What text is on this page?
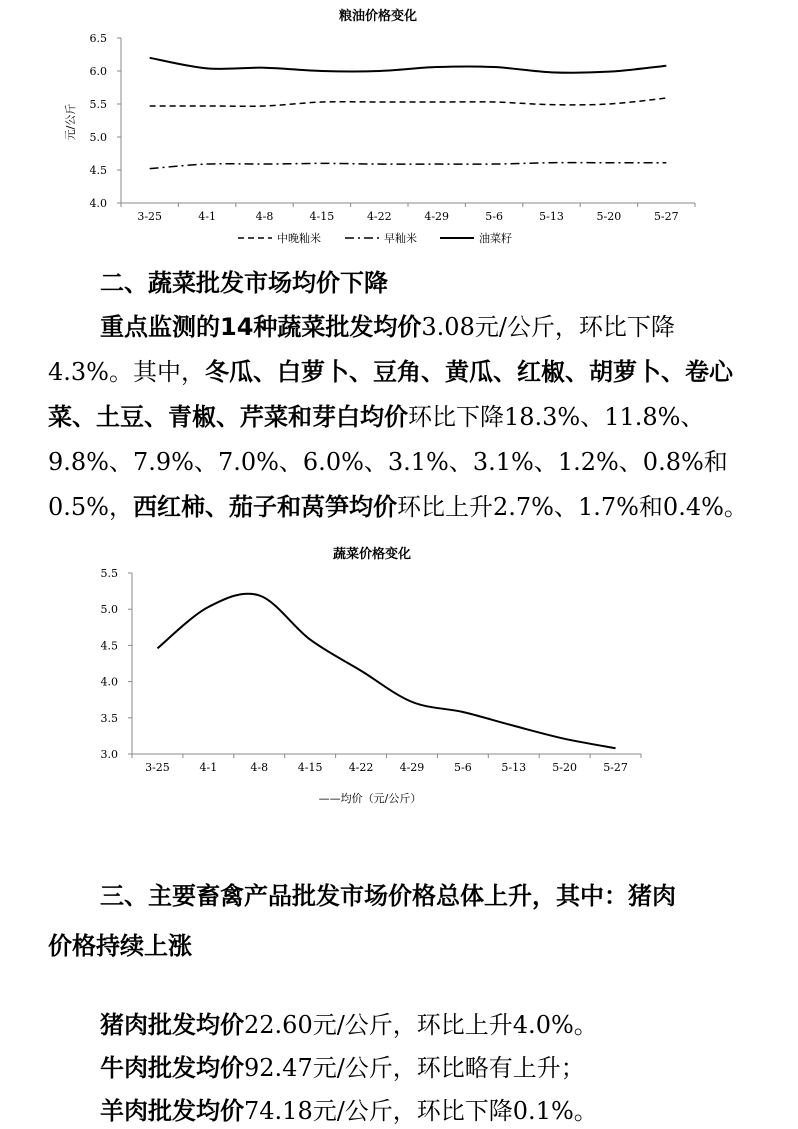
粮油价格变化
元/公斤
4.0
4.5
5.0
5.5
6.0
6.5
3-25	4-1	4-8	4-15	4-22	4-29	5-6	5-13	5-20	5-27
中晚籼米	早籼米	油菜籽
二、蔬菜批发市场均价下降
重点监测的14种蔬菜批发均价3.08元/公斤，环比下降4.3%。其中，冬瓜、白萝卜、豆角、黄瓜、红椒、胡萝卜、卷心菜、土豆、青椒、芹菜和芽白均价环比下降18.3%、11.8%、9.8%、7.9%、7.0%、6.0%、3.1%、3.1%、1.2%、0.8%和0.5%，西红柿、茄子和莴笋均价环比上升2.7%、1.7%和0.4%。
蔬菜价格变化
3.0
3.5
4.0
4.5
5.0
5.5
3-25	4-1	4-8	4-15 4-22 4-29	5-6	5-13 5-20 5-27
——均价（元/公斤）
三、主要畜禽产品批发市场价格总体上升，其中：猪肉
价格持续上涨
猪肉批发均价22.60元/公斤，环比上升4.0%。
牛肉批发均价92.47元/公斤，环比略有上升；
羊肉批发均价74.18元/公斤，环比下降0.1%。
